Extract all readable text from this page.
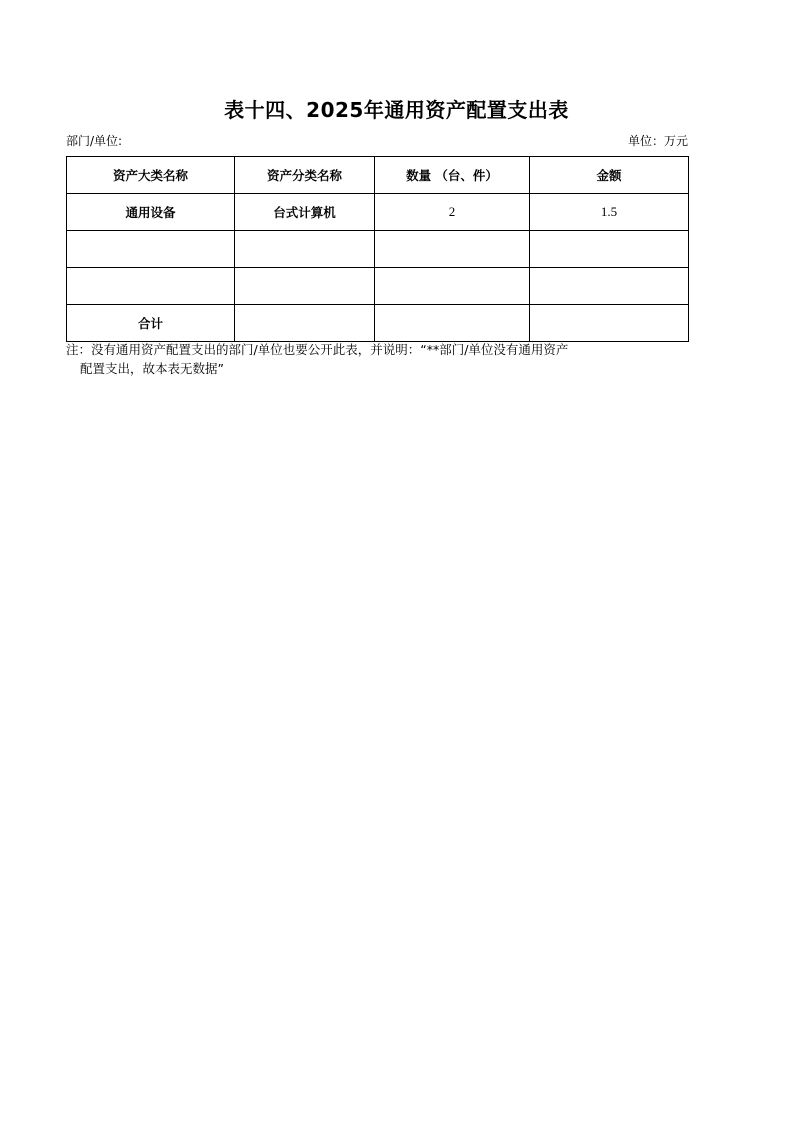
表十四、2025年通用资产配置支出表
部门/单位:	单位：万元
资产大类名称	资产分类名称	数量 （台、件）	金额
通用设备	台式计算机	2	1.5

合计			
注：没有通用资产配置支出的部门/单位也要公开此表，并说明：“**部门/单位没有通用资产
配置支出，故本表无数据”
